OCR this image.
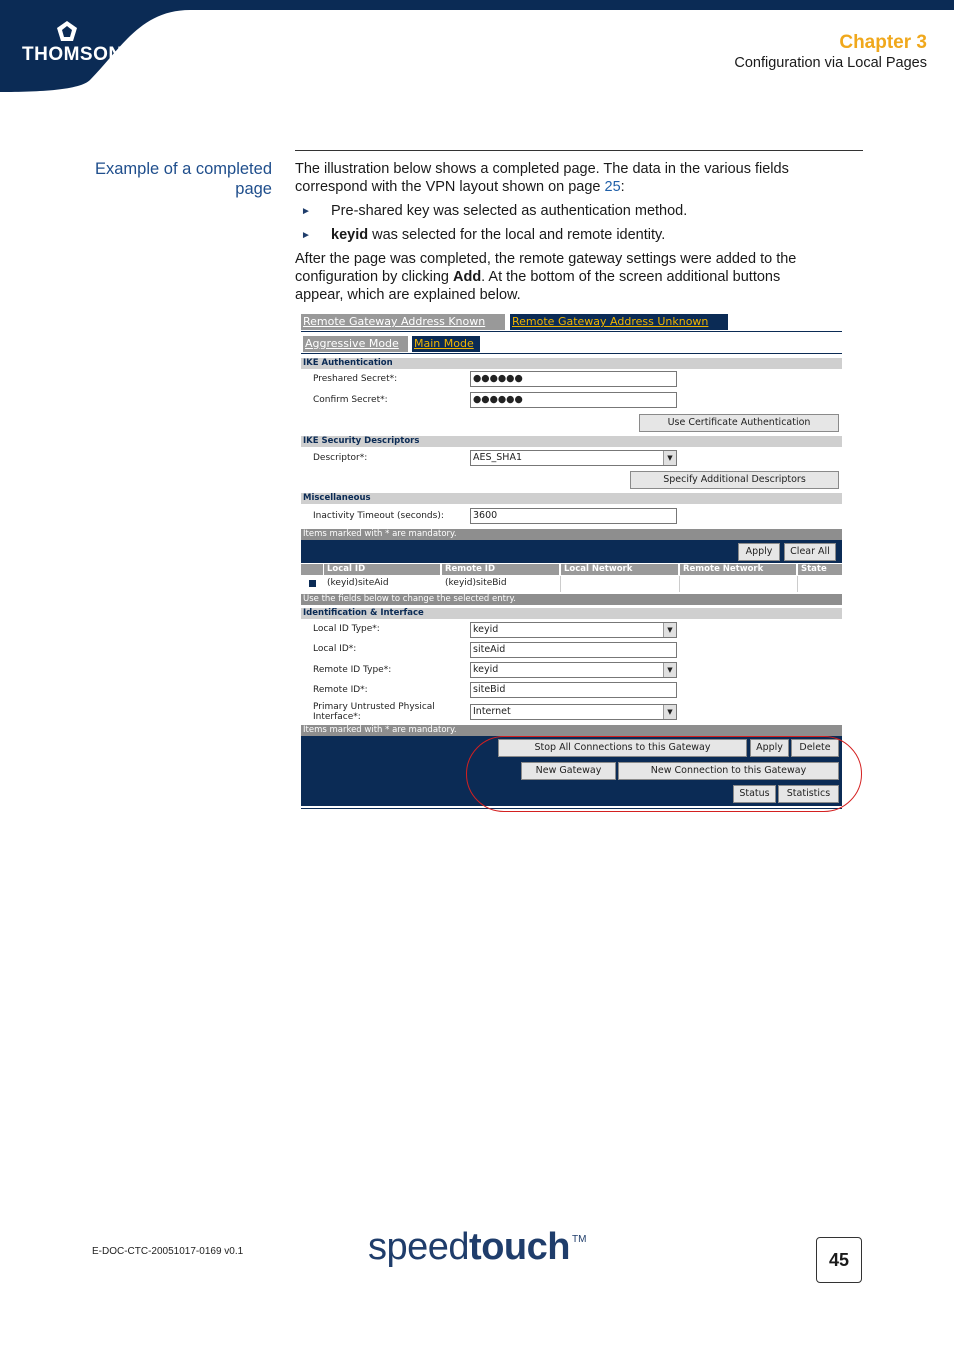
THOMSON
Chapter 3
Configuration via Local Pages
Example of a completed
page
The illustration below shows a completed page. The data in the various fields
correspond with the VPN layout shown on page 25:
► Pre-shared key was selected as authentication method.
► keyid was selected for the local and remote identity.
After the page was completed, the remote gateway settings were added to the
configuration by clicking Add. At the bottom of the screen additional buttons
appear, which are explained below.
Remote Gateway Address Known	Remote Gateway Address Unknown
Aggressive Mode	Main Mode
IKE Authentication
Preshared Secret*:	●●●●●●
Confirm Secret*:	●●●●●●
Use Certificate Authentication
IKE Security Descriptors
Descriptor*:	AES_SHA1	▼
Specify Additional Descriptors
Miscellaneous
Inactivity Timeout (seconds):	3600
Items marked with * are mandatory.
Apply	Clear All
Local ID	Remote ID	Local Network	Remote Network	State
(keyid)siteAid	(keyid)siteBid
Use the fields below to change the selected entry.
Identification & Interface
Local ID Type*:	keyid	▼
Local ID*:	siteAid
Remote ID Type*:	keyid	▼
Remote ID*:	siteBid
Primary Untrusted Physical
Interface*:	Internet	▼
Items marked with * are mandatory.
Stop All Connections to this Gateway	Apply	Delete
New Gateway	New Connection to this Gateway
Status	Statistics
E-DOC-CTC-20051017-0169 v0.1	speedtouch TM
45
